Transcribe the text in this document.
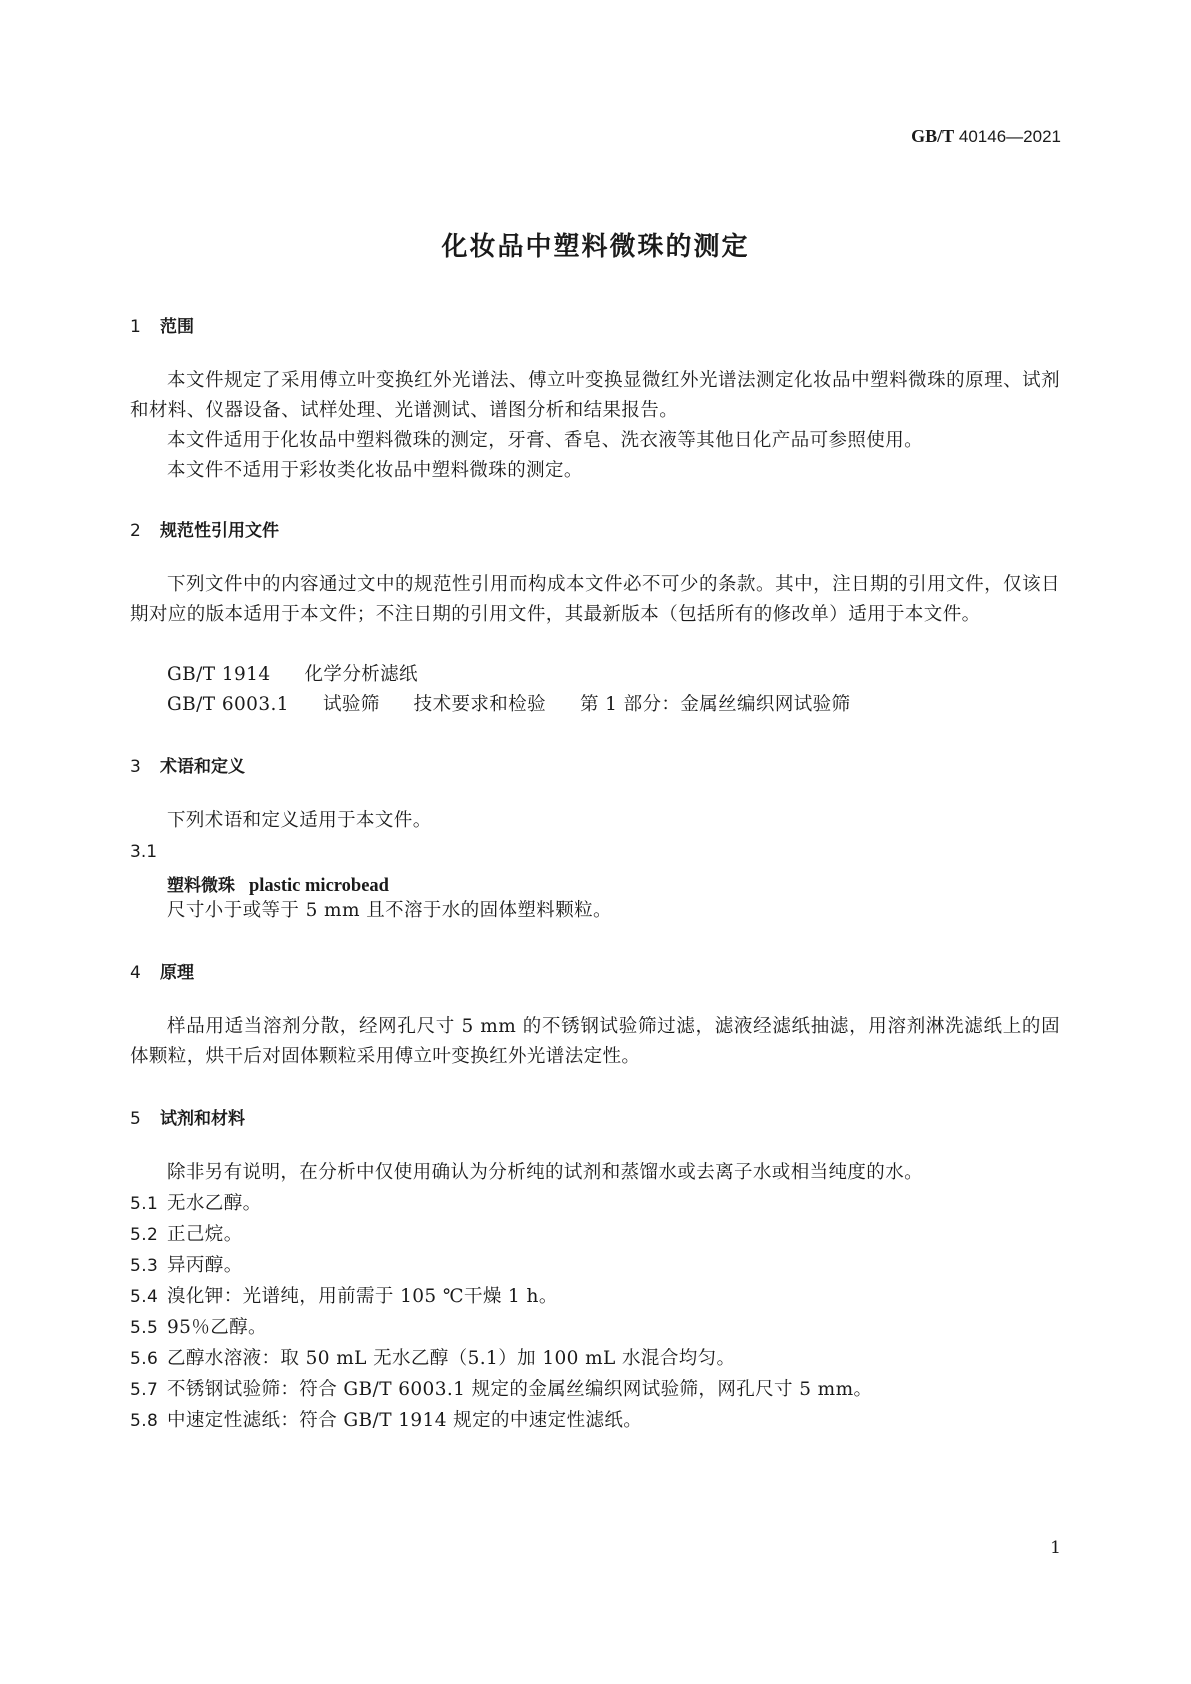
GB/T 40146—2021
化妆品中塑料微珠的测定
1 范围
本文件规定了采用傅立叶变换红外光谱法、傅立叶变换显微红外光谱法测定化妆品中塑料微珠的原理、试剂和材料、仪器设备、试样处理、光谱测试、谱图分析和结果报告。
本文件适用于化妆品中塑料微珠的测定，牙膏、香皂、洗衣液等其他日化产品可参照使用。
本文件不适用于彩妆类化妆品中塑料微珠的测定。
2 规范性引用文件
下列文件中的内容通过文中的规范性引用而构成本文件必不可少的条款。其中，注日期的引用文件，仅该日期对应的版本适用于本文件；不注日期的引用文件，其最新版本（包括所有的修改单）适用于本文件。
GB/T 1914 化学分析滤纸
GB/T 6003.1 试验筛 技术要求和检验 第 1 部分：金属丝编织网试验筛
3 术语和定义
下列术语和定义适用于本文件。
3.1
塑料微珠 plastic microbead
尺寸小于或等于 5 mm 且不溶于水的固体塑料颗粒。
4 原理
样品用适当溶剂分散，经网孔尺寸 5 mm 的不锈钢试验筛过滤，滤液经滤纸抽滤，用溶剂淋洗滤纸上的固体颗粒，烘干后对固体颗粒采用傅立叶变换红外光谱法定性。
5 试剂和材料
除非另有说明，在分析中仅使用确认为分析纯的试剂和蒸馏水或去离子水或相当纯度的水。
5.1 无水乙醇。
5.2 正己烷。
5.3 异丙醇。
5.4 溴化钾：光谱纯，用前需于 105 ℃干燥 1 h。
5.5 95％乙醇。
5.6 乙醇水溶液：取 50 mL 无水乙醇（5.1）加 100 mL 水混合均匀。
5.7 不锈钢试验筛：符合 GB/T 6003.1 规定的金属丝编织网试验筛，网孔尺寸 5 mm。
5.8 中速定性滤纸：符合 GB/T 1914 规定的中速定性滤纸。
1
